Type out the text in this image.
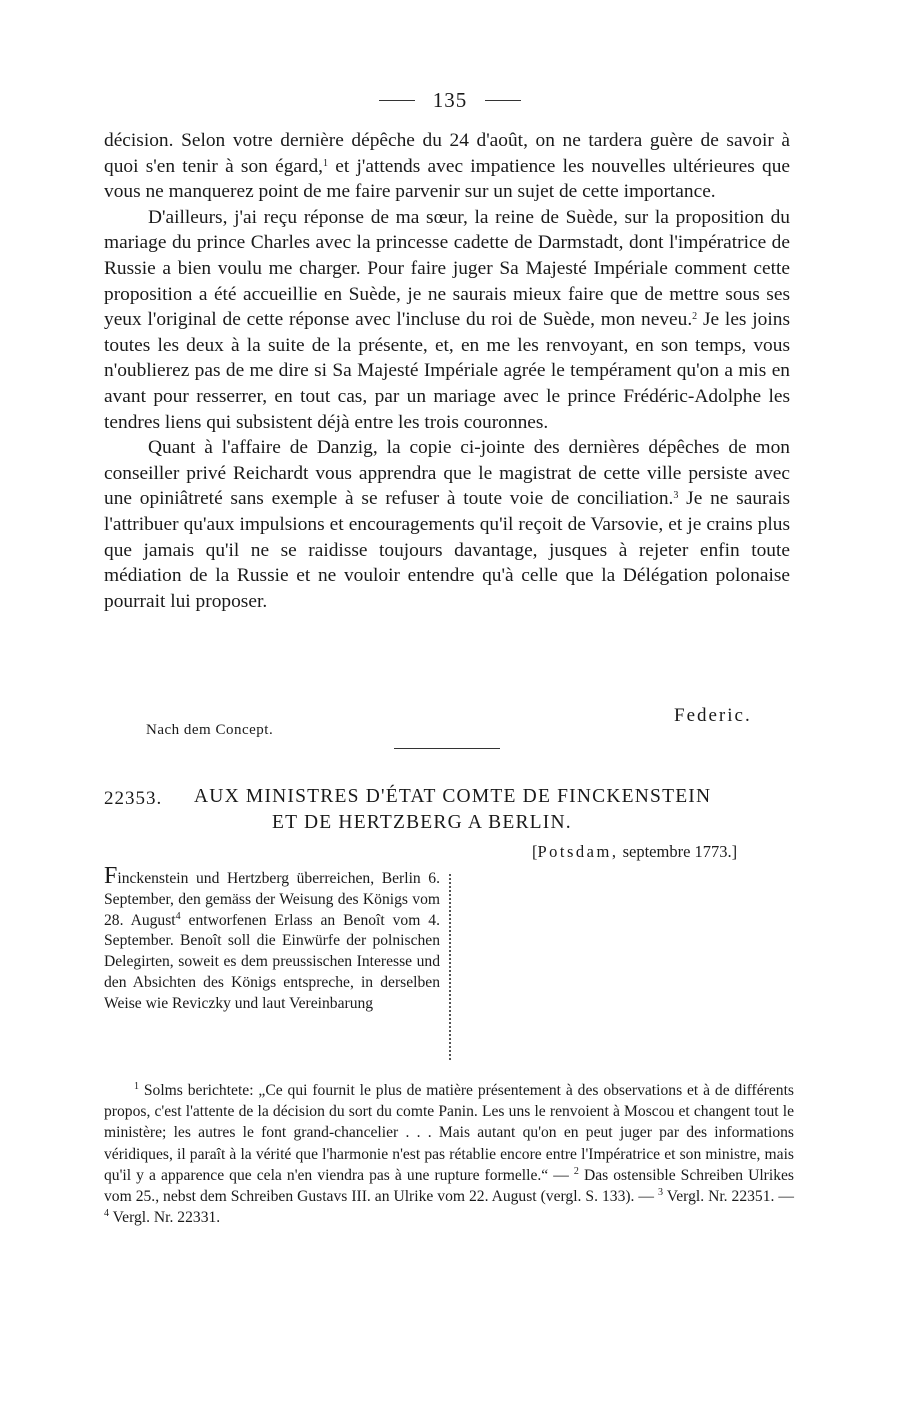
135

décision. Selon votre dernière dépêche du 24 d'août, on ne tardera guère de savoir à quoi s'en tenir à son égard,$^1$ et j'attends avec impatience les nouvelles ultérieures que vous ne manquerez point de me faire parvenir sur un sujet de cette importance.

D'ailleurs, j'ai reçu réponse de ma sœur, la reine de Suède, sur la proposition du mariage du prince Charles avec la princesse cadette de Darmstadt, dont l'impératrice de Russie a bien voulu me charger. Pour faire juger Sa Majesté Impériale comment cette proposition a été accueillie en Suède, je ne saurais mieux faire que de mettre sous ses yeux l'original de cette réponse avec l'incluse du roi de Suède, mon neveu.$^2$ Je les joins toutes les deux à la suite de la présente, et, en me les renvoyant, en son temps, vous n'oublierez pas de me dire si Sa Majesté Impériale agrée le tempérament qu'on a mis en avant pour resserrer, en tout cas, par un mariage avec le prince Frédéric-Adolphe les tendres liens qui subsistent déjà entre les trois couronnes.

Quant à l'affaire de Danzig, la copie ci-jointe des dernières dépêches de mon conseiller privé Reichardt vous apprendra que le magistrat de cette ville persiste avec une opiniâtreté sans exemple à se refuser à toute voie de conciliation.$^3$ Je ne saurais l'attribuer qu'aux impulsions et encouragements qu'il reçoit de Varsovie, et je crains plus que jamais qu'il ne se raidisse toujours davantage, jusques à rejeter enfin toute médiation de la Russie et ne vouloir entendre qu'à celle que la Délégation polonaise pourrait lui proposer.

Federic.
Nach dem Concept.
22353. AUX MINISTRES D'ÉTAT COMTE DE FINCKENSTEIN
ET DE HERTZBERG A BERLIN.
[Potsdam, septembre 1773.]
Finckenstein und Hertzberg überreichen, Berlin 6. September, den gemäss der Weisung des Königs vom 28. August$^4$ entworfenen Erlass an Benoît vom 4. September. Benoît soll die Einwürfe der polnischen Delegirten, soweit es dem preussischen Interesse und den Absichten des Königs entspreche, in derselben Weise wie Reviczky und laut Vereinbarung

$^1$ Solms berichtete: „Ce qui fournit le plus de matière présentement à des observations et à de différents propos, c'est l'attente de la décision du sort du comte Panin. Les uns le renvoient à Moscou et changent tout le ministère; les autres le font grand-chancelier . . . Mais autant qu'on en peut juger par des informations véridiques, il paraît à la vérité que l'harmonie n'est pas rétablie encore entre l'Impératrice et son ministre, mais qu'il y a apparence que cela n'en viendra pas à une rupture formelle.“ — $^2$ Das ostensible Schreiben Ulrikes vom 25., nebst dem Schreiben Gustavs III. an Ulrike vom 22. August (vergl. S. 133). — $^3$ Vergl. Nr. 22351. — $^4$ Vergl. Nr. 22331.
